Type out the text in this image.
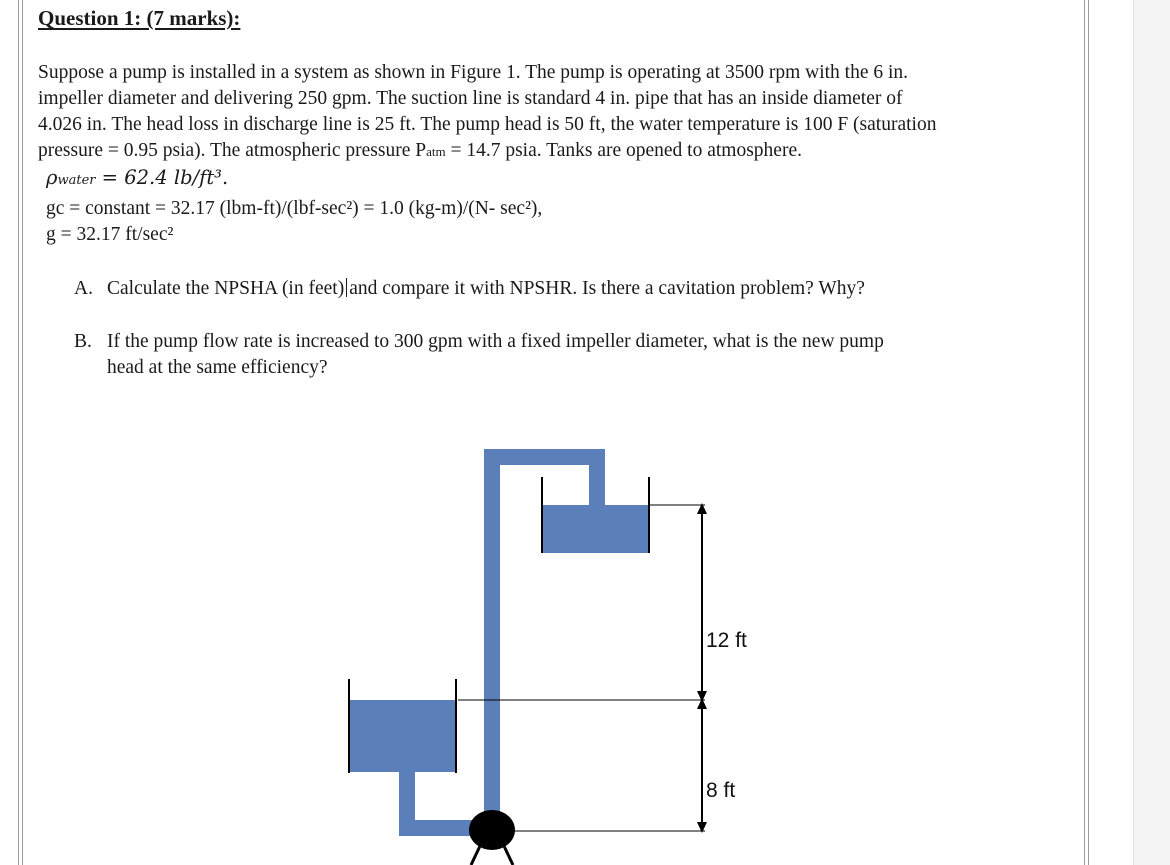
Question 1: (7 marks):

Suppose a pump is installed in a system as shown in Figure 1. The pump is operating at 3500 rpm with the 6 in.
impeller diameter and delivering 250 gpm. The suction line is standard 4 in. pipe that has an inside diameter of
4.026 in. The head loss in discharge line is 25 ft. The pump head is 50 ft, the water temperature is 100 F (saturation
pressure = 0.95 psia). The atmospheric pressure Patm = 14.7 psia. Tanks are opened to atmosphere.

ρwater = 62.4 lb/ft³.
gc = constant = 32.17 (lbm-ft)/(lbf-sec²) = 1.0 (kg-m)/(N- sec²),
g = 32.17 ft/sec²
A. Calculate the NPSHA (in feet) and compare it with NPSHR. Is there a cavitation problem? Why?
B. If the pump flow rate is increased to 300 gpm with a fixed impeller diameter, what is the new pump
head at the same efficiency?
12 ft
8 ft
